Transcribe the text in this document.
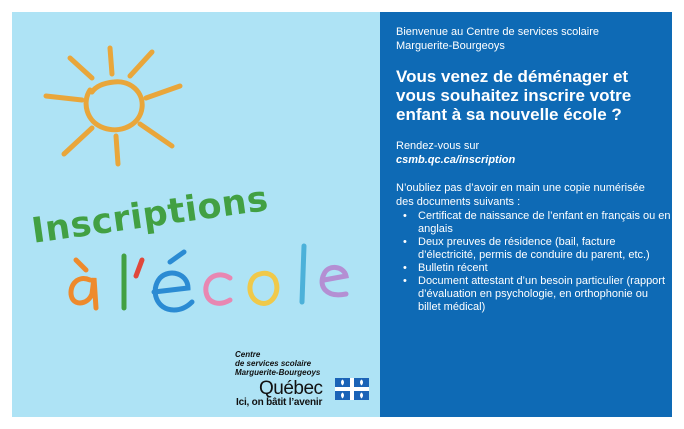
Inscriptions
Centre
de services scolaire
Marguerite-Bourgeoys
Québec
Ici, on bâtit l’avenir
Bienvenue au Centre de services scolaire Marguerite-Bourgeoys
Vous venez de déménager et vous souhaitez inscrire votre enfant à sa nouvelle école ?
Rendez-vous sur
csmb.qc.ca/inscription
N’oubliez pas d’avoir en main une copie numérisée des documents suivants :
• Certificat de naissance de l’enfant en français ou en anglais
• Deux preuves de résidence (bail, facture d’électricité, permis de conduire du parent, etc.)
• Bulletin récent
• Document attestant d’un besoin particulier (rapport d’évaluation en psychologie, en orthophonie ou billet médical)
